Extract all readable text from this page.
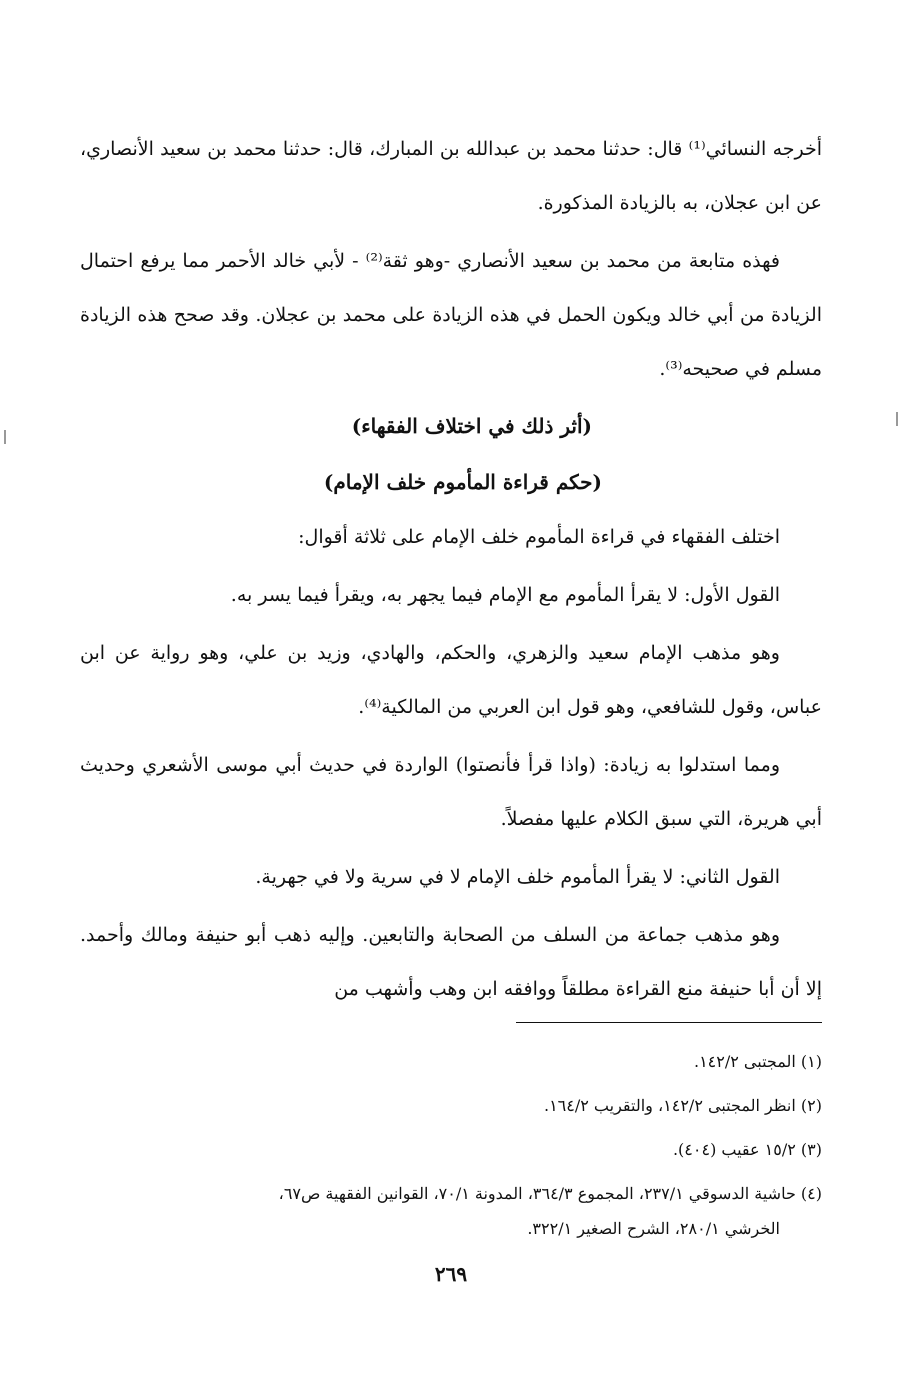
أخرجه النسائي⁽¹⁾ قال: حدثنا محمد بن عبدالله بن المبارك، قال: حدثنا محمد بن سعيد الأنصاري، عن ابن عجلان، به بالزيادة المذكورة.

فهذه متابعة من محمد بن سعيد الأنصاري -وهو ثقة⁽²⁾ - لأبي خالد الأحمر مما يرفع احتمال الزيادة من أبي خالد ويكون الحمل في هذه الزيادة على محمد بن عجلان. وقد صحح هذه الزيادة مسلم في صحيحه⁽³⁾.

(أثر ذلك في اختلاف الفقهاء)
(حكم قراءة المأموم خلف الإمام)

اختلف الفقهاء في قراءة المأموم خلف الإمام على ثلاثة أقوال:

القول الأول: لا يقرأ المأموم مع الإمام فيما يجهر به، ويقرأ فيما يسر به.

وهو مذهب الإمام سعيد والزهري، والحكم، والهادي، وزيد بن علي، وهو رواية عن ابن عباس، وقول للشافعي، وهو قول ابن العربي من المالكية⁽⁴⁾.

ومما استدلوا به زيادة: (واذا قرأ فأنصتوا) الواردة في حديث أبي موسى الأشعري وحديث أبي هريرة، التي سبق الكلام عليها مفصلاً.

القول الثاني: لا يقرأ المأموم خلف الإمام لا في سرية ولا في جهرية.

وهو مذهب جماعة من السلف من الصحابة والتابعين. وإليه ذهب أبو حنيفة ومالك وأحمد. إلا أن أبا حنيفة منع القراءة مطلقاً ووافقه ابن وهب وأشهب من

(١) المجتبى ١٤٢/٢.

(٢) انظر المجتبى ١٤٢/٢، والتقريب ١٦٤/٢.

(٣) ١٥/٢ عقيب (٤٠٤).

(٤) حاشية الدسوقي ٢٣٧/١، المجموع ٣٦٤/٣، المدونة ٧٠/١، القوانين الفقهية ص٦٧،

الخرشي ٢٨٠/١، الشرح الصغير ٣٢٢/١.

٢٦٩
